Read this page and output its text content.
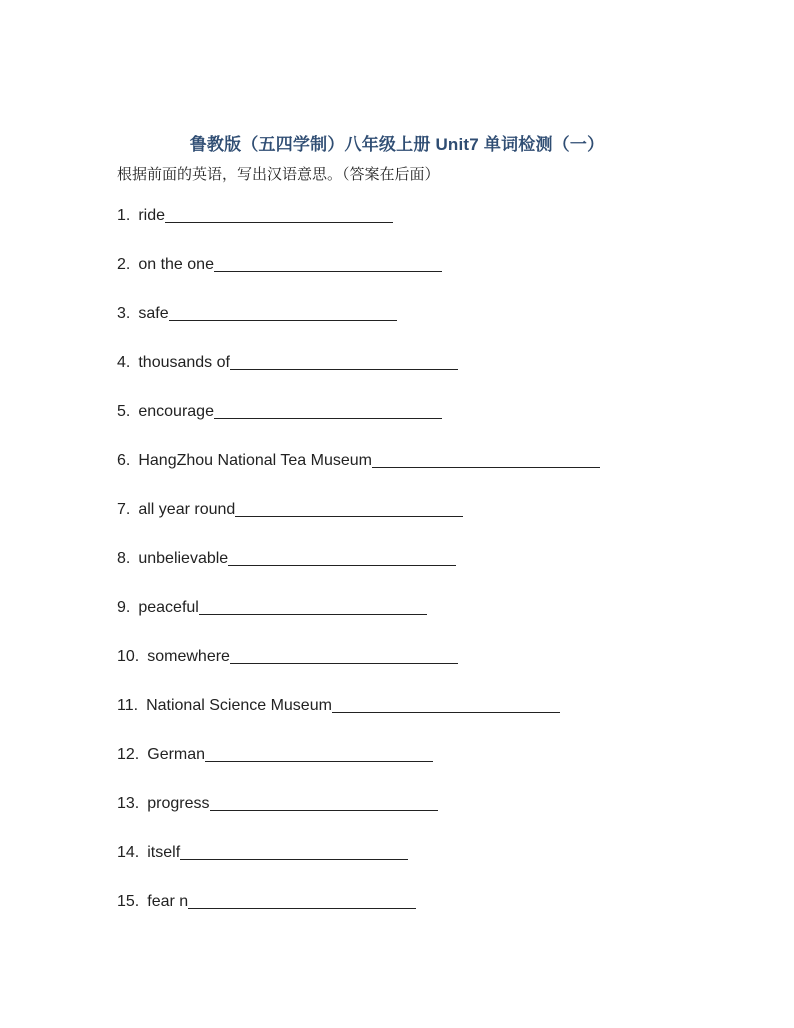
鲁教版（五四学制）八年级上册 Unit7 单词检测（一）
根据前面的英语，写出汉语意思。（答案在后面）
1. ride
2. on the one
3. safe
4. thousands of
5. encourage
6. HangZhou National Tea Museum
7. all year round
8. unbelievable
9. peaceful
10. somewhere
11. National Science Museum
12. German
13. progress
14. itself
15. fear n
